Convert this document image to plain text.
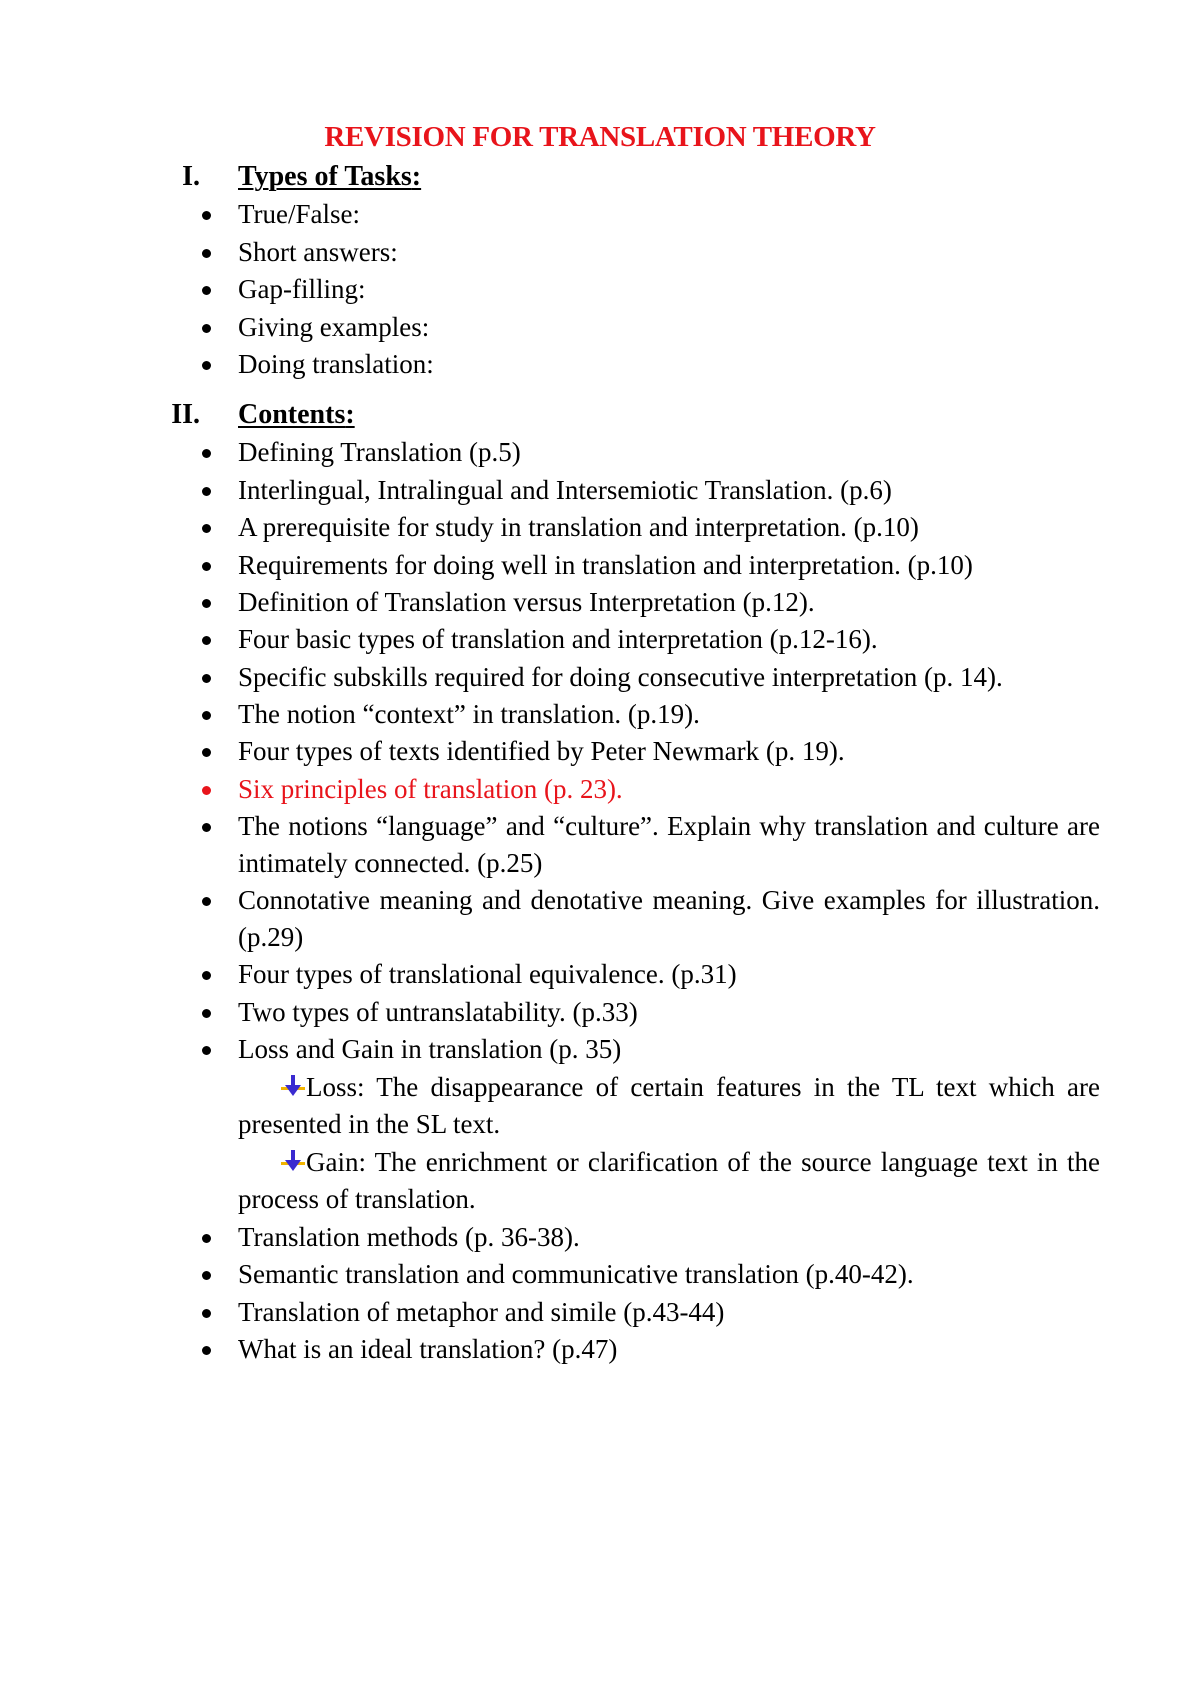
REVISION FOR TRANSLATION THEORY
I. Types of Tasks:
True/False:
Short answers:
Gap-filling:
Giving examples:
Doing translation:
II. Contents:
Defining Translation (p.5)
Interlingual, Intralingual and Intersemiotic Translation. (p.6)
A prerequisite for study in translation and interpretation. (p.10)
Requirements for doing well in translation and interpretation. (p.10)
Definition of Translation versus Interpretation (p.12).
Four basic types of translation and interpretation (p.12-16).
Specific subskills required for doing consecutive interpretation (p. 14).
The notion “context” in translation. (p.19).
Four types of texts identified by Peter Newmark (p. 19).
Six principles of translation (p. 23).
The notions “language” and “culture”. Explain why translation and culture are intimately connected. (p.25)
Connotative meaning and denotative meaning. Give examples for illustration. (p.29)
Four types of translational equivalence. (p.31)
Two types of untranslatability. (p.33)
Loss and Gain in translation (p. 35)
Loss: The disappearance of certain features in the TL text which are presented in the SL text.
Gain: The enrichment or clarification of the source language text in the process of translation.
Translation methods (p. 36-38).
Semantic translation and communicative translation (p.40-42).
Translation of metaphor and simile (p.43-44)
What is an ideal translation? (p.47)
